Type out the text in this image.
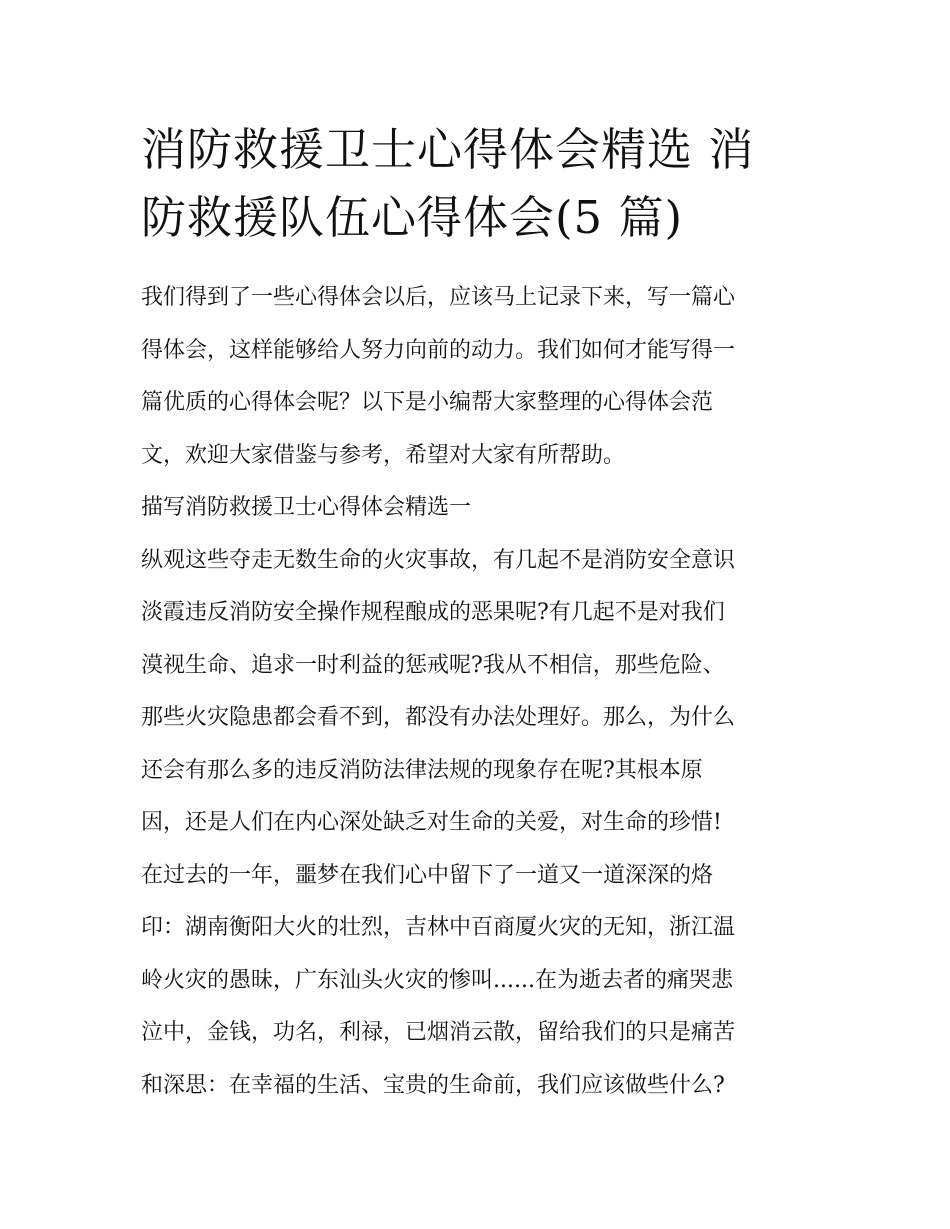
消防救援卫士心得体会精选 消
防救援队伍心得体会(5 篇)
我们得到了一些心得体会以后，应该马上记录下来，写一篇心
得体会，这样能够给人努力向前的动力。我们如何才能写得一
篇优质的心得体会呢？以下是小编帮大家整理的心得体会范
文，欢迎大家借鉴与参考，希望对大家有所帮助。
描写消防救援卫士心得体会精选一
纵观这些夺走无数生命的火灾事故，有几起不是消防安全意识
淡霞违反消防安全操作规程酿成的恶果呢?有几起不是对我们
漠视生命、追求一时利益的惩戒呢?我从不相信，那些危险、
那些火灾隐患都会看不到，都没有办法处理好。那么，为什么
还会有那么多的违反消防法律法规的现象存在呢?其根本原
因，还是人们在内心深处缺乏对生命的关爱，对生命的珍惜!
在过去的一年，噩梦在我们心中留下了一道又一道深深的烙
印：湖南衡阳大火的壮烈，吉林中百商厦火灾的无知，浙江温
岭火灾的愚昧，广东汕头火灾的惨叫......在为逝去者的痛哭悲
泣中，金钱，功名，利禄，已烟消云散，留给我们的只是痛苦
和深思：在幸福的生活、宝贵的生命前，我们应该做些什么?
